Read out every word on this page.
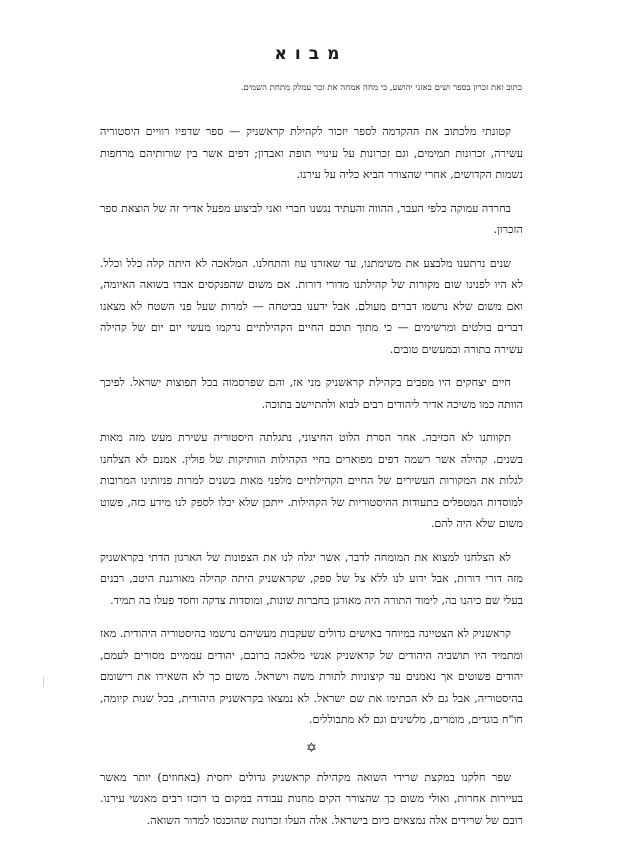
מבוא
כתוב זאת זכרון בספר ושים באזני יהושע, כי מחה אמחה את זכר עמלק מתחת השמים.

קטונתי מלכתוב את ההקדמה לספר יזכור לקהילת קראשניק — ספר שדפיו רוויים היסטוריה עשירה, זכרונות תמימים, וגם זכרונות על עינויי תופת ואבדון; דפים אשר בין שורותיהם מרחפות נשמות הקדושים, אחרי שהצורר הביא כליה על עירנו.

בחרדה עמוקה כלפי העבר, ההווה והעתיד נגשנו חברי ואני לביצוע מפעל אדיר זה של הוצאת ספר הזכרון.

שנים נרתענו מלבצע את משימתנו, עד שאזרנו עוז והתחלנו. המלאכה לא היתה קלה כלל וכלל. לא היו לפנינו שום מקורות של קהילתנו מדורי דורות. אם משום שהפנקסים אבדו בשואה האיומה, ואם משום שלא נרשמו דברים מעולם. אבל ידענו בביטחה — למרות שעל פני השטח לא מצאנו דברים בולטים ומרשימים — כי מתוך תוכם החיים הקהילתיים נרקמו מעשי יום יום של קהילה עשירה בתורה ובמעשים טובים.

חיים יצחקים היו מפכים בקהילת קראשניק מני אז, והם שפרסמוה בכל תפוצות ישראל. לפיכך הוותה כמו משיכה אדיר ליהודים רבים לבוא ולהתיישב בתוכה.

תקוותנו לא הכזיבה. אחר הסרת הלוט החיצוני, נתגלתה היסטוריה עשירת מעש מזה מאות בשנים. קהילה אשר רשמה דפים מפוארים בחיי הקהילות הוותיקות של פולין. אמנם לא הצלחנו לגלות את המקורות העשירים של החיים הקהילתיים מלפני מאות בשנים למרות פניותינו המרובות למוסדות המטפלים בתעודות ההיסטוריות של הקהילות. ייתכן שלא יכלו לספק לנו מידע כזה, פשוט משום שלא היה להם.

לא הצלחנו למצוא את המומחה לדבר, אשר יגלה לנו את הצפונות של הארגון הדתי בקראשניק מזה דורי דורות, אבל ידוע לנו ללא צל של ספק, שקראשניק היתה קהילה מאורגנת היטב, רבנים בעלי שם כיהנו בה, לימוד התורה היה מאורגן בחברות שונות, ומוסדות צדקה וחסד פעלו בה תמיד.

קראשניק לא הצטיינה במיוחד באישים גדולים שעקבות מעשיהם נרשמו בהיסטוריה היהודית. מאז ומתמיד היו תושביה היהודים של קראשניק אנשי מלאכה ברובם, יהודים עממיים מסורים לעמם, יהודים פשוטים אך נאמנים עד קיצוניות לתורת משה וישראל. משום כך לא השאירו את רישומם בהיסטוריה, אבל גם לא הכתימו את שם ישראל. לא נמצאו בקראשניק היהודית, בכל שנות קיומה, חו"ח בוגדים, מומרים, מלשינים וגם לא מתבוללים.

✡

שפר חלקנו במקצת שרידי השואה מקהילת קראשניק גדולים יחסית (באחוזים) יותר מאשר בעיירות אחרות, ואולי משום כך שהצורר הקים מחנות עבודה במקום בו רוכזו רבים מאנשי עירנו. רובם של שרידים אלה נמצאים כיום בישראל. אלה העלו זכרונות שהוכנסו למדור השואה.
